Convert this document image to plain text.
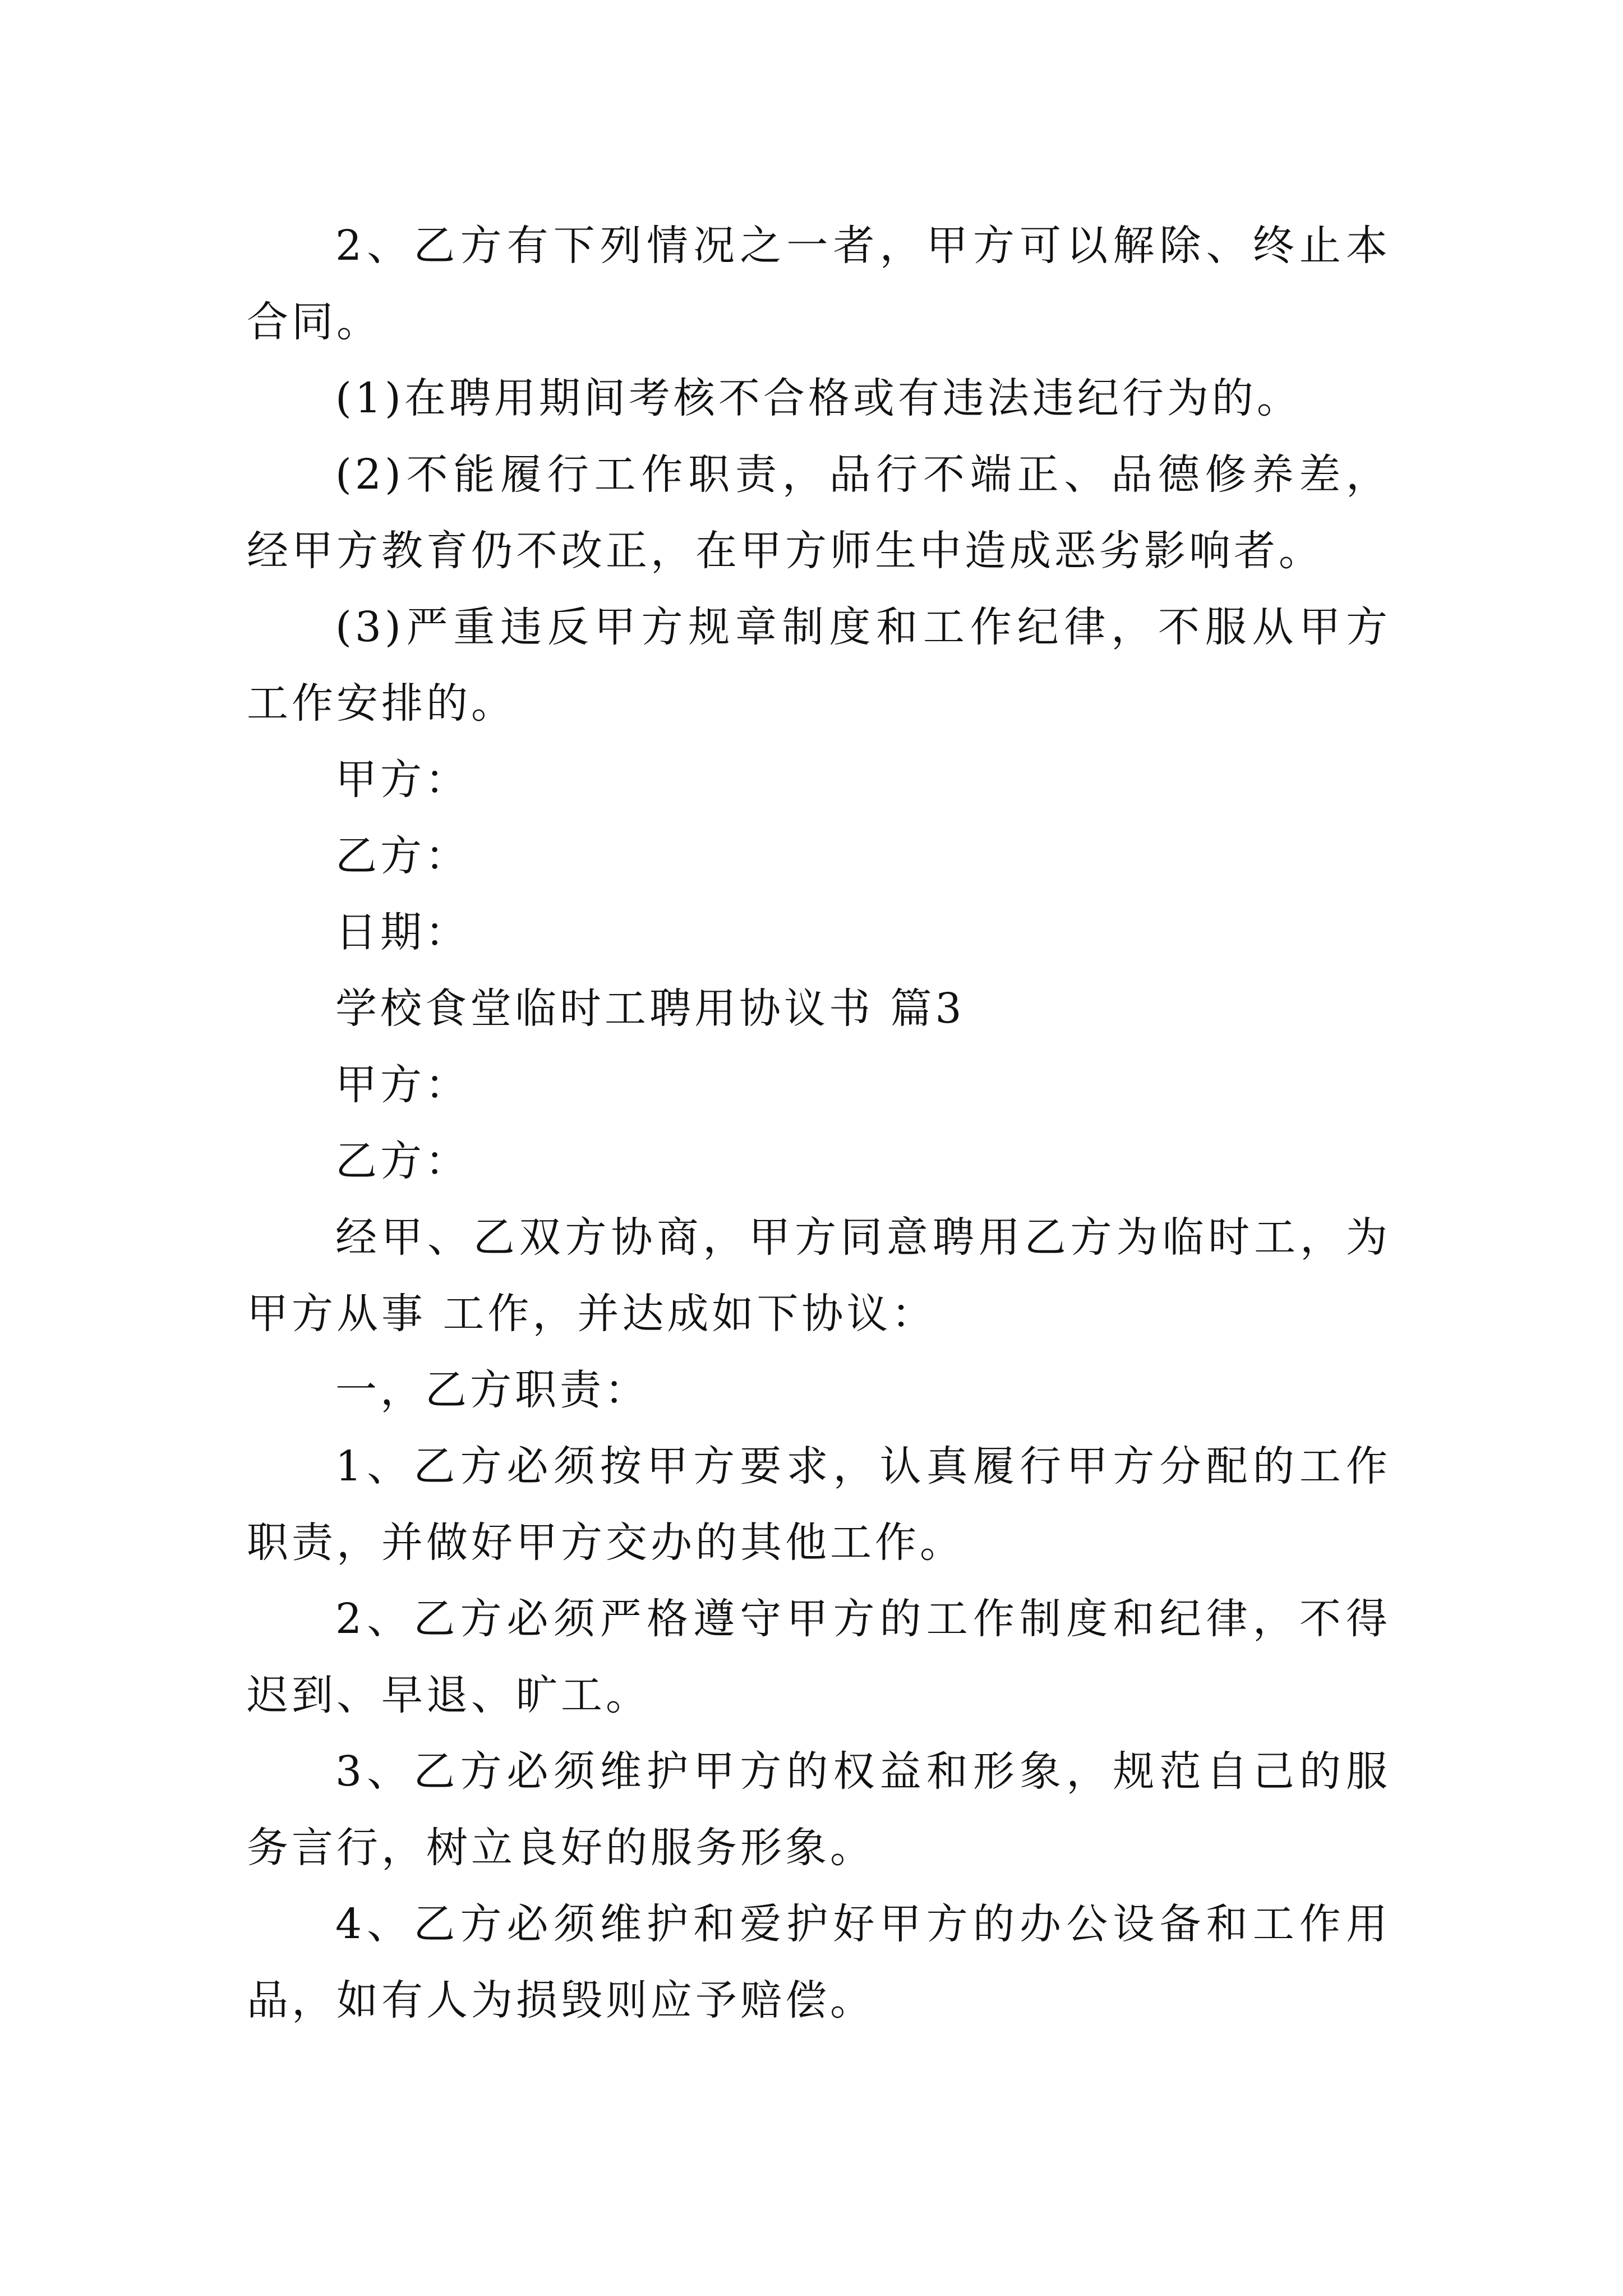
2、乙方有下列情况之一者，甲方可以解除、终止本合同。

(1)在聘用期间考核不合格或有违法违纪行为的。

(2)不能履行工作职责，品行不端正、品德修养差，经甲方教育仍不改正，在甲方师生中造成恶劣影响者。

(3)严重违反甲方规章制度和工作纪律，不服从甲方工作安排的。

甲方：

乙方：

日期：

学校食堂临时工聘用协议书 篇3

甲方：

乙方：

经甲、乙双方协商，甲方同意聘用乙方为临时工，为甲方从事 工作，并达成如下协议：

一，乙方职责：

1、乙方必须按甲方要求，认真履行甲方分配的工作职责，并做好甲方交办的其他工作。

2、乙方必须严格遵守甲方的工作制度和纪律，不得迟到、早退、旷工。

3、乙方必须维护甲方的权益和形象，规范自己的服务言行，树立良好的服务形象。

4、乙方必须维护和爱护好甲方的办公设备和工作用品，如有人为损毁则应予赔偿。
